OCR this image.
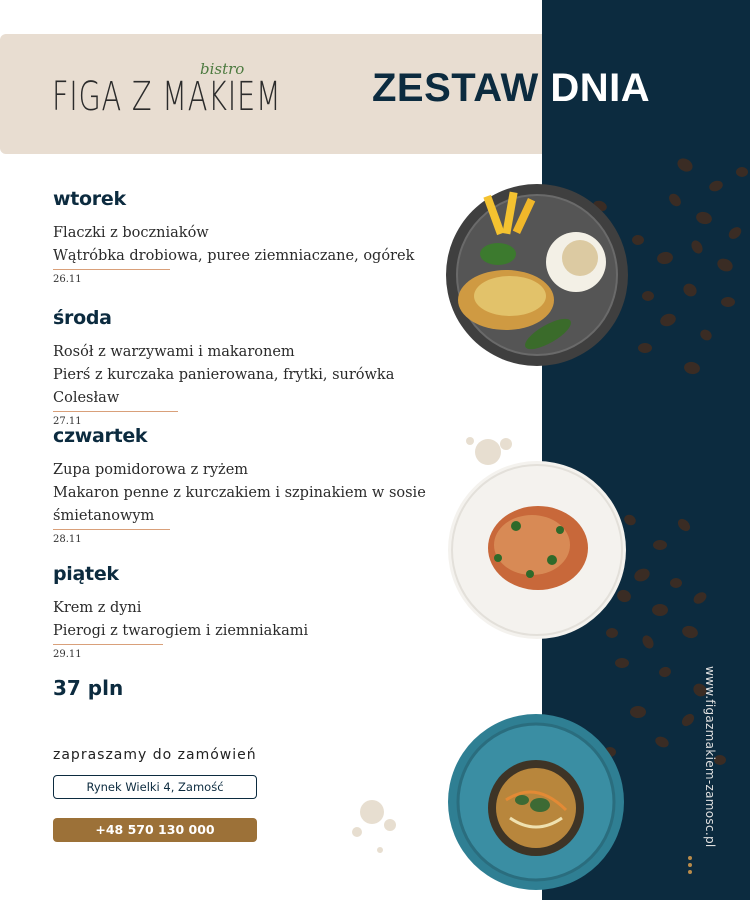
FIGA Z MAKIEM
bistro	ZESTAW DNIA
wtorek
Flaczki z boczniaków
Wątróbka drobiowa, puree ziemniaczane, ogórek
26.11
środa
Rosół z warzywami i makaronem
Pierś z kurczaka panierowana, frytki, surówka Colesław
27.11
czwartek
Zupa pomidorowa z ryżem
Makaron penne z kurczakiem i szpinakiem w sosie śmietanowym
28.11
piątek
Krem z dyni
Pierogi z twarogiem i ziemniakami
29.11
37 pln
zapraszamy do zamówień
Rynek Wielki 4, Zamość
+48 570 130 000	www.figazmakiem-zamosc.pl
